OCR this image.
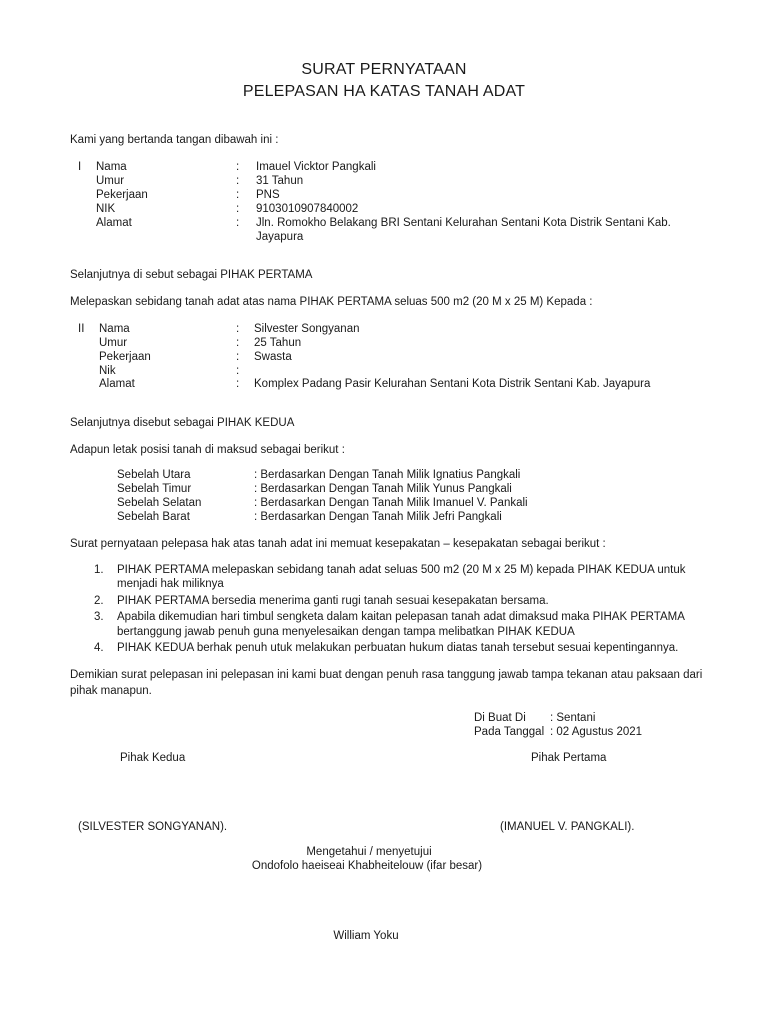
SURAT PERNYATAAN
PELEPASAN HA KATAS TANAH ADAT
Kami yang bertanda tangan dibawah ini :
I Nama	: Imauel Vicktor Pangkali
Umur	: 31 Tahun
Pekerjaan	: PNS
NIK	: 9103010907840002
Alamat	: Jln. Romokho Belakang BRI Sentani Kelurahan Sentani Kota Distrik Sentani Kab.
Jayapura
Selanjutnya di sebut sebagai PIHAK PERTAMA
Melepaskan sebidang tanah adat atas nama PIHAK PERTAMA seluas 500 m2 (20 M x 25 M) Kepada :
II Nama	: Silvester Songyanan
Umur	: 25 Tahun
Pekerjaan	: Swasta
Nik	:
Alamat	: Komplex Padang Pasir Kelurahan Sentani Kota Distrik Sentani Kab. Jayapura
Selanjutnya disebut sebagai PIHAK KEDUA
Adapun letak posisi tanah di maksud sebagai berikut :
Sebelah Utara	: Berdasarkan Dengan Tanah Milik Ignatius Pangkali
Sebelah Timur	: Berdasarkan Dengan Tanah Milik Yunus Pangkali
Sebelah Selatan	: Berdasarkan Dengan Tanah Milik Imanuel V. Pankali
Sebelah Barat	: Berdasarkan Dengan Tanah Milik Jefri Pangkali
Surat pernyataan pelepasa hak atas tanah adat ini memuat kesepakatan – kesepakatan sebagai berikut :
1. PIHAK PERTAMA melepaskan sebidang tanah adat seluas 500 m2 (20 M x 25 M) kepada PIHAK KEDUA untuk
menjadi hak miliknya
2. PIHAK PERTAMA bersedia menerima ganti rugi tanah sesuai kesepakatan bersama.
3. Apabila dikemudian hari timbul sengketa dalam kaitan pelepasan tanah adat dimaksud maka PIHAK PERTAMA
bertanggung jawab penuh guna menyelesaikan dengan tampa melibatkan PIHAK KEDUA
4. PIHAK KEDUA berhak penuh utuk melakukan perbuatan hukum diatas tanah tersebut sesuai kepentingannya.
Demikian surat pelepasan ini pelepasan ini kami buat dengan penuh rasa tanggung jawab tampa tekanan atau paksaan dari
pihak manapun.
Di Buat Di : Sentani
Pada Tanggal : 02 Agustus 2021
Pihak Kedua	Pihak Pertama
(SILVESTER SONGYANAN).	(IMANUEL V. PANGKALI).
Mengetahui / menyetujui
Ondofolo haeiseai Khabheitelouw (ifar besar)
William Yoku
